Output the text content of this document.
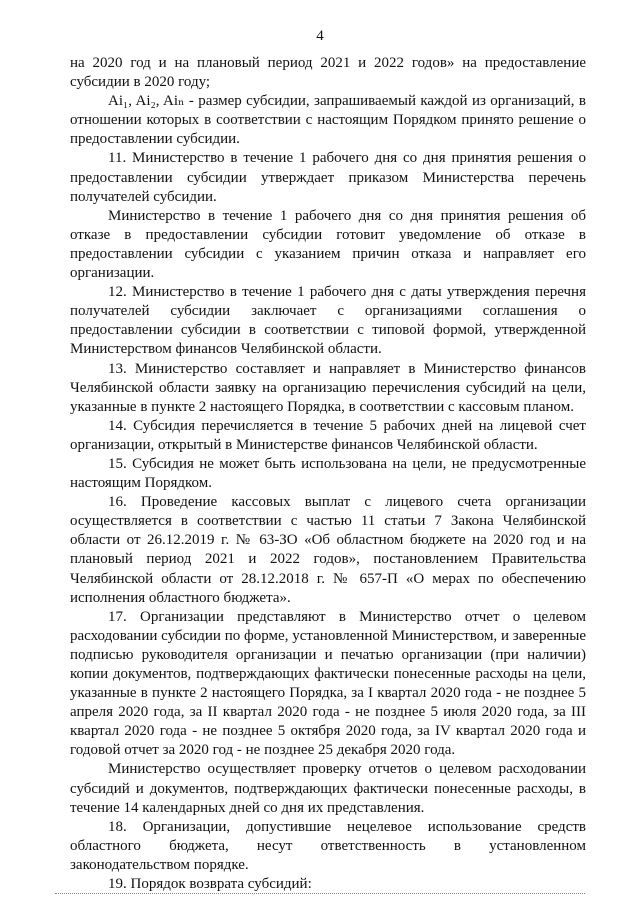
4

на 2020 год и на плановый период 2021 и 2022 годов» на предоставление субсидии в 2020 году;

Ai₁, Ai₂, Aiₙ - размер субсидии, запрашиваемый каждой из организаций, в отношении которых в соответствии с настоящим Порядком принято решение о предоставлении субсидии.

11. Министерство в течение 1 рабочего дня со дня принятия решения о предоставлении субсидии утверждает приказом Министерства перечень получателей субсидии.

Министерство в течение 1 рабочего дня со дня принятия решения об отказе в предоставлении субсидии готовит уведомление об отказе в предоставлении субсидии с указанием причин отказа и направляет его организации.

12. Министерство в течение 1 рабочего дня с даты утверждения перечня получателей субсидии заключает с организациями соглашения о предоставлении субсидии в соответствии с типовой формой, утвержденной Министерством финансов Челябинской области.

13. Министерство составляет и направляет в Министерство финансов Челябинской области заявку на организацию перечисления субсидий на цели, указанные в пункте 2 настоящего Порядка, в соответствии с кассовым планом.

14. Субсидия перечисляется в течение 5 рабочих дней на лицевой счет организации, открытый в Министерстве финансов Челябинской области.

15. Субсидия не может быть использована на цели, не предусмотренные настоящим Порядком.

16. Проведение кассовых выплат с лицевого счета организации осуществляется в соответствии с частью 11 статьи 7 Закона Челябинской области от 26.12.2019 г. № 63-ЗО «Об областном бюджете на 2020 год и на плановый период 2021 и 2022 годов», постановлением Правительства Челябинской области от 28.12.2018 г. № 657-П «О мерах по обеспечению исполнения областного бюджета».

17. Организации представляют в Министерство отчет о целевом расходовании субсидии по форме, установленной Министерством, и заверенные подписью руководителя организации и печатью организации (при наличии) копии документов, подтверждающих фактически понесенные расходы на цели, указанные в пункте 2 настоящего Порядка, за I квартал 2020 года - не позднее 5 апреля 2020 года, за II квартал 2020 года - не позднее 5 июля 2020 года, за III квартал 2020 года - не позднее 5 октября 2020 года, за IV квартал 2020 года и годовой отчет за 2020 год - не позднее 25 декабря 2020 года.

Министерство осуществляет проверку отчетов о целевом расходовании субсидий и документов, подтверждающих фактически понесенные расходы, в течение 14 календарных дней со дня их представления.

18. Организации, допустившие нецелевое использование средств областного бюджета, несут ответственность в установленном законодательством порядке.

19. Порядок возврата субсидий:
